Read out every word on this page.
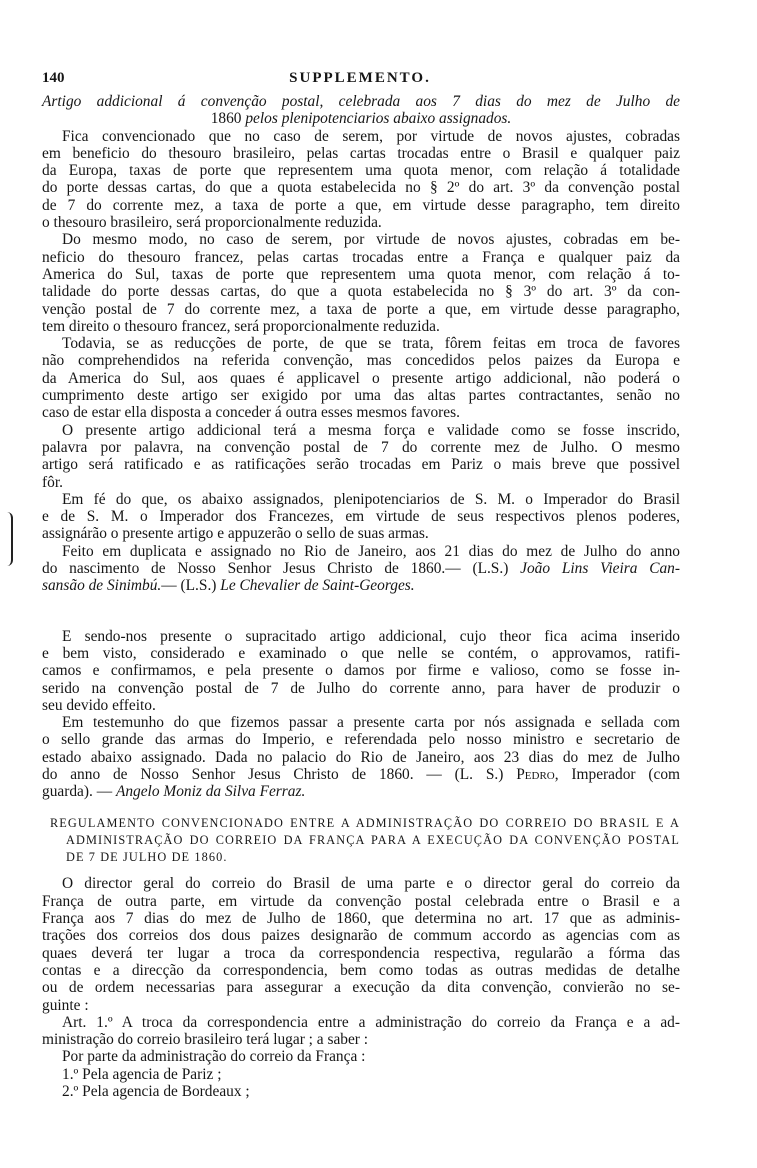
140	SUPPLEMENTO.
Artigo addicional á convenção postal, celebrada aos 7 dias do mez de Julho de
1860 pelos plenipotenciarios abaixo assignados.
Fica convencionado que no caso de serem, por virtude de novos ajustes, cobradas
em beneficio do thesouro brasileiro, pelas cartas trocadas entre o Brasil e qualquer paiz
da Europa, taxas de porte que representem uma quota menor, com relação á totalidade
do porte dessas cartas, do que a quota estabelecida no § 2º do art. 3º da convenção postal
de 7 do corrente mez, a taxa de porte a que, em virtude desse paragrapho, tem direito
o thesouro brasileiro, será proporcionalmente reduzida.
Do mesmo modo, no caso de serem, por virtude de novos ajustes, cobradas em be-
neficio do thesouro francez, pelas cartas trocadas entre a França e qualquer paiz da
America do Sul, taxas de porte que representem uma quota menor, com relação á to-
talidade do porte dessas cartas, do que a quota estabelecida no § 3º do art. 3º da con-
venção postal de 7 do corrente mez, a taxa de porte a que, em virtude desse paragrapho,
tem direito o thesouro francez, será proporcionalmente reduzida.
Todavia, se as reducções de porte, de que se trata, fôrem feitas em troca de favores
não comprehendidos na referida convenção, mas concedidos pelos paizes da Europa e
da America do Sul, aos quaes é applicavel o presente artigo addicional, não poderá o
cumprimento deste artigo ser exigido por uma das altas partes contractantes, senão no
caso de estar ella disposta a conceder á outra esses mesmos favores.
O presente artigo addicional terá a mesma força e validade como se fosse inscrido,
palavra por palavra, na convenção postal de 7 do corrente mez de Julho. O mesmo
artigo será ratificado e as ratificações serão trocadas em Pariz o mais breve que possivel
fôr.
Em fé do que, os abaixo assignados, plenipotenciarios de S. M. o Imperador do Brasil
e de S. M. o Imperador dos Francezes, em virtude de seus respectivos plenos poderes,
assignárão o presente artigo e appuzerão o sello de suas armas.
Feito em duplicata e assignado no Rio de Janeiro, aos 21 dias do mez de Julho do anno
do nascimento de Nosso Senhor Jesus Christo de 1860.— (L.S.) João Lins Vieira Can-
sansão de Sinimbú.— (L.S.) Le Chevalier de Saint-Georges.
E sendo-nos presente o supracitado artigo addicional, cujo theor fica acima inserido
e bem visto, considerado e examinado o que nelle se contém, o approvamos, ratifi-
camos e confirmamos, e pela presente o damos por firme e valioso, como se fosse in-
serido na convenção postal de 7 de Julho do corrente anno, para haver de produzir o
seu devido effeito.
Em testemunho do que fizemos passar a presente carta por nós assignada e sellada com
o sello grande das armas do Imperio, e referendada pelo nosso ministro e secretario de
estado abaixo assignado. Dada no palacio do Rio de Janeiro, aos 23 dias do mez de Julho
do anno de Nosso Senhor Jesus Christo de 1860. — (L. S.) Pedro, Imperador (com
guarda). — Angelo Moniz da Silva Ferraz.
REGULAMENTO CONVENCIONADO ENTRE A ADMINISTRAÇÃO DO CORREIO DO BRASIL E A
ADMINISTRAÇÃO DO CORREIO DA FRANÇA PARA A EXECUÇÃO DA CONVENÇÃO POSTAL
DE 7 DE JULHO DE 1860.
O director geral do correio do Brasil de uma parte e o director geral do correio da
França de outra parte, em virtude da convenção postal celebrada entre o Brasil e a
França aos 7 dias do mez de Julho de 1860, que determina no art. 17 que as adminis-
trações dos correios dos dous paizes designarão de commum accordo as agencias com as
quaes deverá ter lugar a troca da correspondencia respectiva, regularão a fórma das
contas e a direcção da correspondencia, bem como todas as outras medidas de detalhe
ou de ordem necessarias para assegurar a execução da dita convenção, convierão no se-
guinte :
Art. 1.º A troca da correspondencia entre a administração do correio da França e a ad-
ministração do correio brasileiro terá lugar ; a saber :
Por parte da administração do correio da França :
1.º Pela agencia de Pariz ;
2.º Pela agencia de Bordeaux ;
